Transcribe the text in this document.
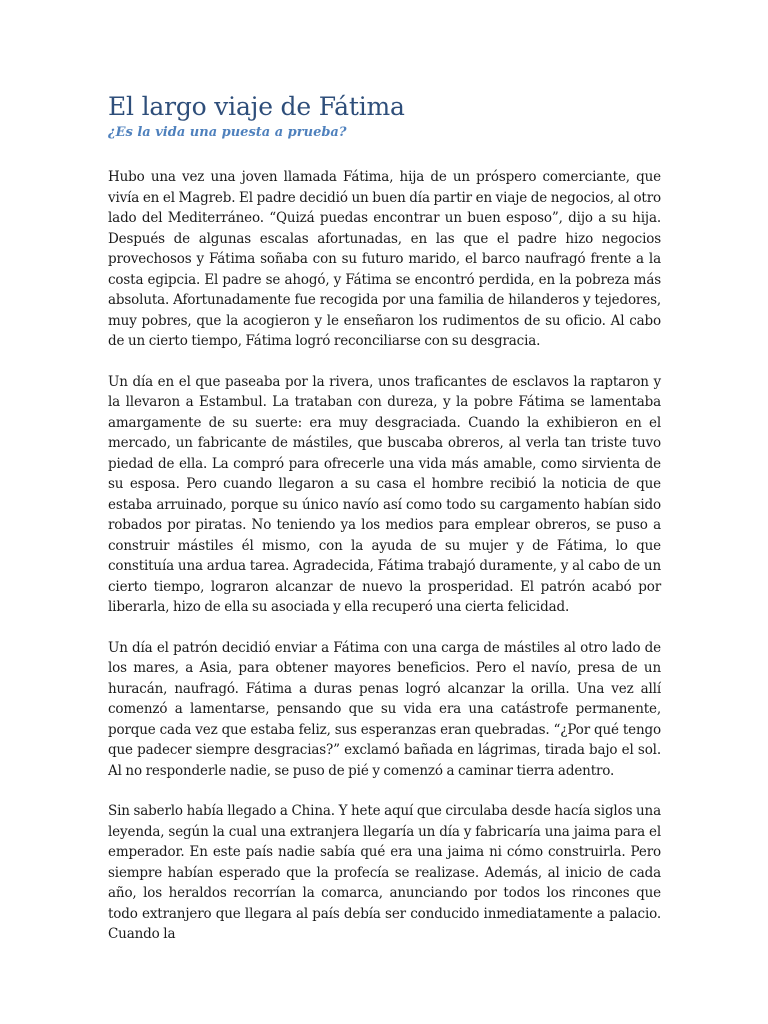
El largo viaje de Fátima

¿Es la vida una puesta a prueba?

Hubo una vez una joven llamada Fátima, hija de un próspero comerciante, que vivía en el Magreb. El padre decidió un buen día partir en viaje de negocios, al otro lado del Mediterráneo. “Quizá puedas encontrar un buen esposo”, dijo a su hija. Después de algunas escalas afortunadas, en las que el padre hizo negocios provechosos y Fátima soñaba con su futuro marido, el barco naufragó frente a la costa egipcia. El padre se ahogó, y Fátima se encontró perdida, en la pobreza más absoluta. Afortunadamente fue recogida por una familia de hilanderos y tejedores, muy pobres, que la acogieron y le enseñaron los rudimentos de su oficio. Al cabo de un cierto tiempo, Fátima logró reconciliarse con su desgracia.

Un día en el que paseaba por la rivera, unos traficantes de esclavos la raptaron y la llevaron a Estambul. La trataban con dureza, y la pobre Fátima se lamentaba amargamente de su suerte: era muy desgraciada. Cuando la exhibieron en el mercado, un fabricante de mástiles, que buscaba obreros, al verla tan triste tuvo piedad de ella. La compró para ofrecerle una vida más amable, como sirvienta de su esposa. Pero cuando llegaron a su casa el hombre recibió la noticia de que estaba arruinado, porque su único navío así como todo su cargamento habían sido robados por piratas. No teniendo ya los medios para emplear obreros, se puso a construir mástiles él mismo, con la ayuda de su mujer y de Fátima, lo que constituía una ardua tarea. Agradecida, Fátima trabajó duramente, y al cabo de un cierto tiempo, lograron alcanzar de nuevo la prosperidad. El patrón acabó por liberarla, hizo de ella su asociada y ella recuperó una cierta felicidad.

Un día el patrón decidió enviar a Fátima con una carga de mástiles al otro lado de los mares, a Asia, para obtener mayores beneficios. Pero el navío, presa de un huracán, naufragó. Fátima a duras penas logró alcanzar la orilla. Una vez allí comenzó a lamentarse, pensando que su vida era una catástrofe permanente, porque cada vez que estaba feliz, sus esperanzas eran quebradas. “¿Por qué tengo que padecer siempre desgracias?” exclamó bañada en lágrimas, tirada bajo el sol. Al no responderle nadie, se puso de pié y comenzó a caminar tierra adentro.

Sin saberlo había llegado a China. Y hete aquí que circulaba desde hacía siglos una leyenda, según la cual una extranjera llegaría un día y fabricaría una jaima para el emperador. En este país nadie sabía qué era una jaima ni cómo construirla. Pero siempre habían esperado que la profecía se realizase. Además, al inicio de cada año, los heraldos recorrían la comarca, anunciando por todos los rincones que todo extranjero que llegara al país debía ser conducido inmediatamente a palacio. Cuando la
